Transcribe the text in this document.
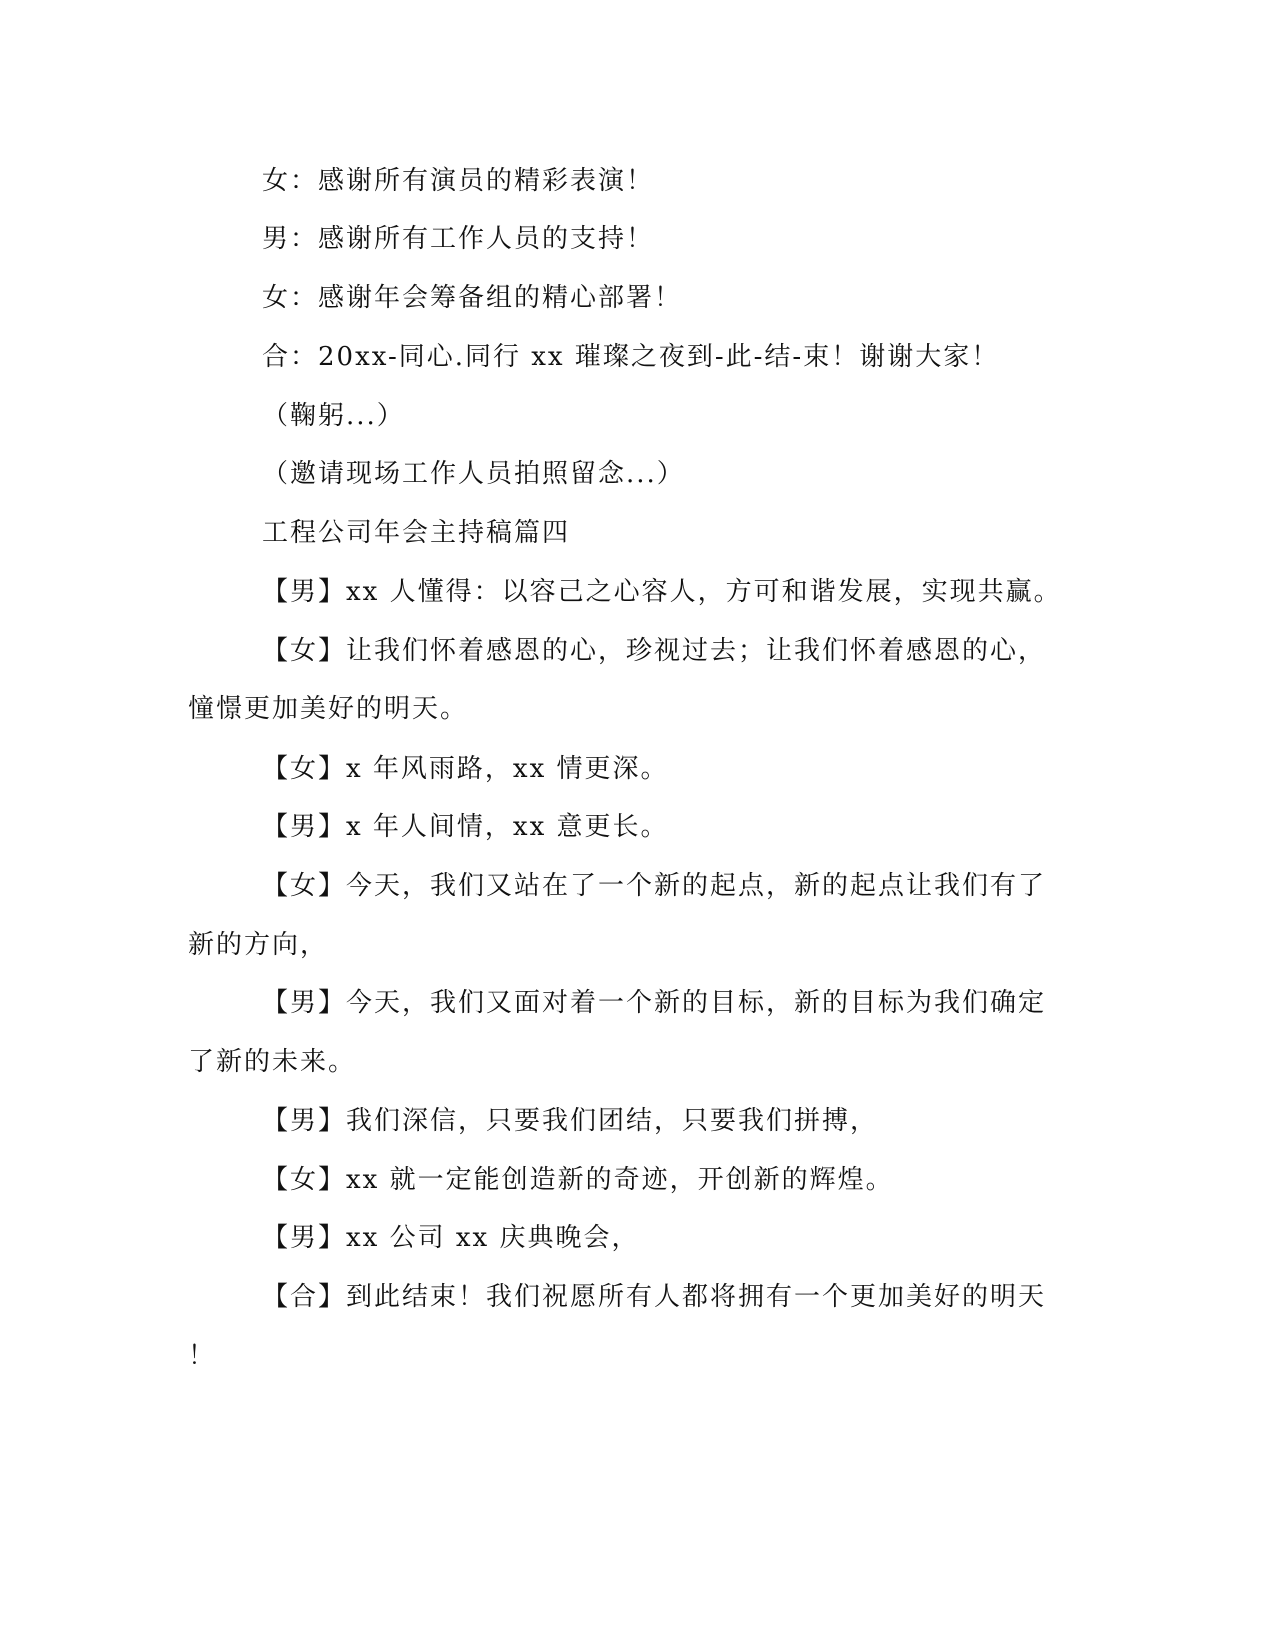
女：感谢所有演员的精彩表演！
男：感谢所有工作人员的支持！
女：感谢年会筹备组的精心部署！
合：20xx-同心.同行 xx 璀璨之夜到-此-结-束！谢谢大家！
（鞠躬...）
（邀请现场工作人员拍照留念...）
工程公司年会主持稿篇四
【男】xx 人懂得：以容己之心容人，方可和谐发展，实现共赢。
【女】让我们怀着感恩的心，珍视过去；让我们怀着感恩的心，
憧憬更加美好的明天。
【女】x 年风雨路，xx 情更深。
【男】x 年人间情，xx 意更长。
【女】今天，我们又站在了一个新的起点，新的起点让我们有了
新的方向，
【男】今天，我们又面对着一个新的目标，新的目标为我们确定
了新的未来。
【男】我们深信，只要我们团结，只要我们拼搏，
【女】xx 就一定能创造新的奇迹，开创新的辉煌。
【男】xx 公司 xx 庆典晚会，
【合】到此结束！我们祝愿所有人都将拥有一个更加美好的明天
！
